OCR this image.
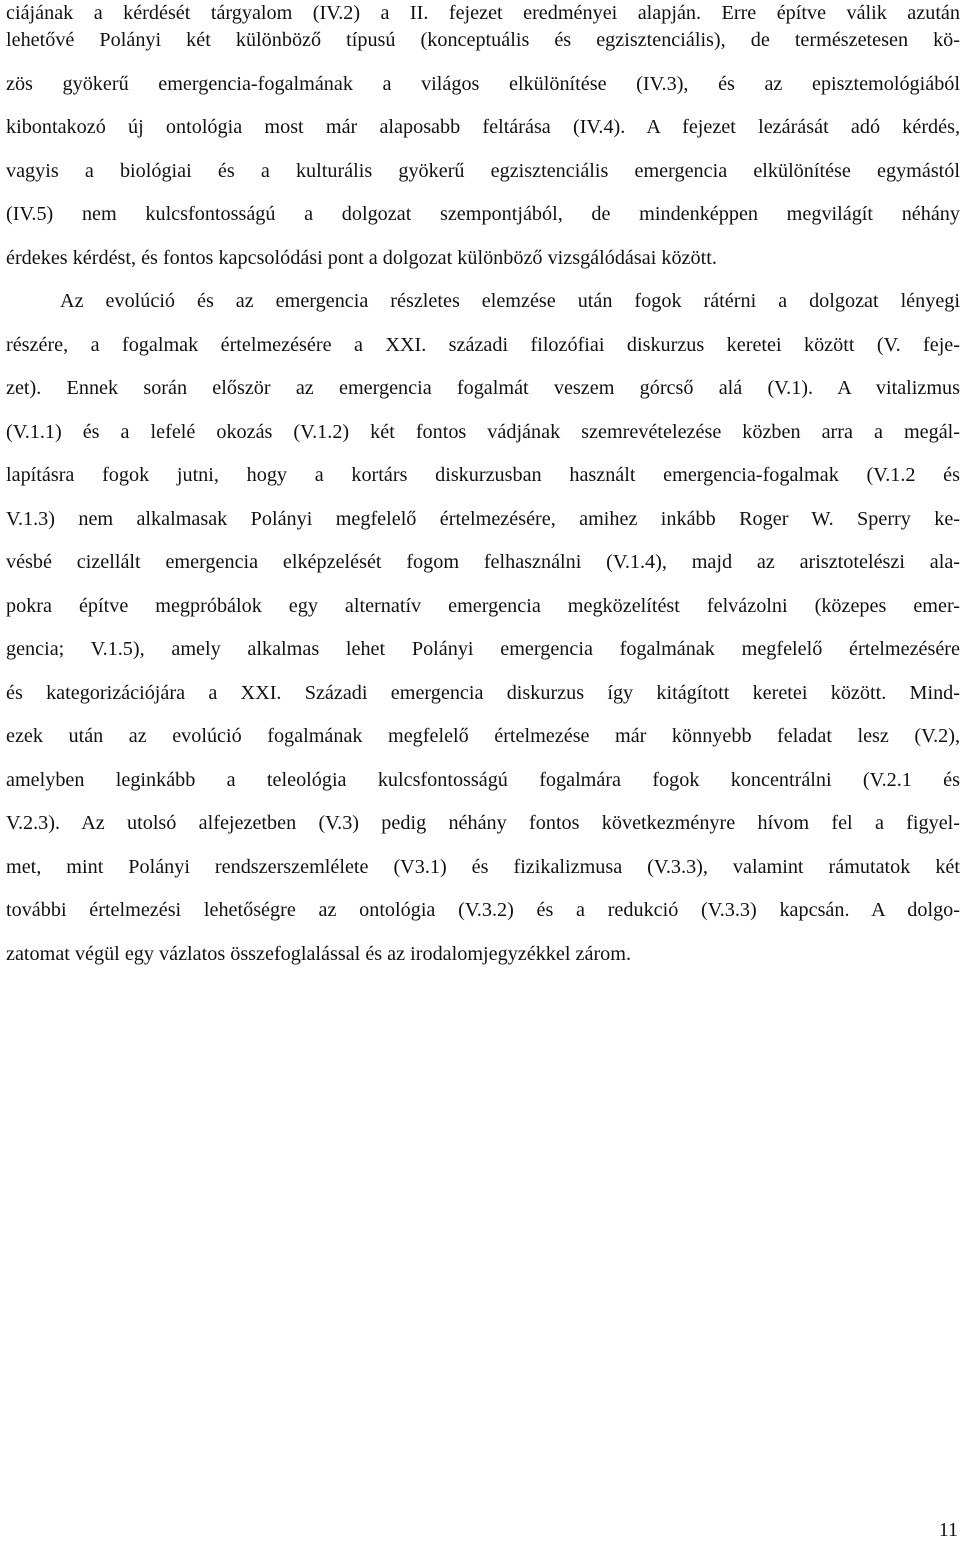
ciájának a kérdését tárgyalom (IV.2) a II. fejezet eredményei alapján. Erre építve válik azután
lehetővé Polányi két különböző típusú (konceptuális és egzisztenciális), de természetesen kö-
zös gyökerű emergencia-fogalmának a világos elkülönítése (IV.3), és az episztemológiából
kibontakozó új ontológia most már alaposabb feltárása (IV.4). A fejezet lezárását adó kérdés,
vagyis a biológiai és a kulturális gyökerű egzisztenciális emergencia elkülönítése egymástól
(IV.5) nem kulcsfontosságú a dolgozat szempontjából, de mindenképpen megvilágít néhány
érdekes kérdést, és fontos kapcsolódási pont a dolgozat különböző vizsgálódásai között.
Az evolúció és az emergencia részletes elemzése után fogok rátérni a dolgozat lényegi
részére, a fogalmak értelmezésére a XXI. századi filozófiai diskurzus keretei között (V. feje-
zet). Ennek során először az emergencia fogalmát veszem górcső alá (V.1). A vitalizmus
(V.1.1) és a lefelé okozás (V.1.2) két fontos vádjának szemrevételezése közben arra a megál-
lapításra fogok jutni, hogy a kortárs diskurzusban használt emergencia-fogalmak (V.1.2 és
V.1.3) nem alkalmasak Polányi megfelelő értelmezésére, amihez inkább Roger W. Sperry ke-
vésbé cizellált emergencia elképzelését fogom felhasználni (V.1.4), majd az arisztotelészi ala-
pokra építve megpróbálok egy alternatív emergencia megközelítést felvázolni (közepes emer-
gencia; V.1.5), amely alkalmas lehet Polányi emergencia fogalmának megfelelő értelmezésére
és kategorizációjára a XXI. Századi emergencia diskurzus így kitágított keretei között. Mind-
ezek után az evolúció fogalmának megfelelő értelmezése már könnyebb feladat lesz (V.2),
amelyben leginkább a teleológia kulcsfontosságú fogalmára fogok koncentrálni (V.2.1 és
V.2.3). Az utolsó alfejezetben (V.3) pedig néhány fontos következményre hívom fel a figyel-
met, mint Polányi rendszerszemlélete (V3.1) és fizikalizmusa (V.3.3), valamint rámutatok két
további értelmezési lehetőségre az ontológia (V.3.2) és a redukció (V.3.3) kapcsán. A dolgo-
zatomat végül egy vázlatos összefoglalással és az irodalomjegyzékkel zárom.
11
